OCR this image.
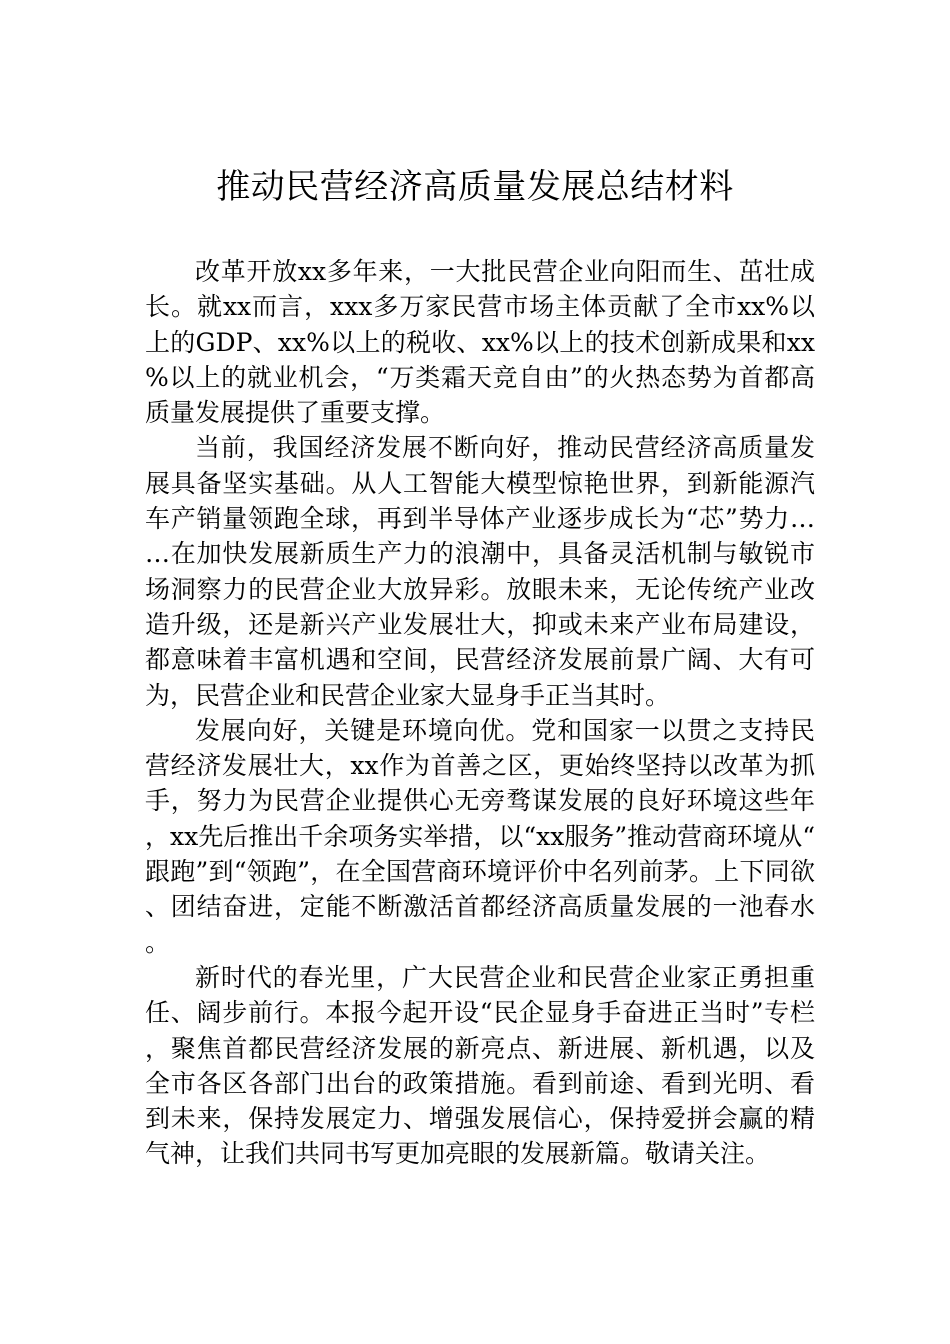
推动民营经济高质量发展总结材料

改革开放xx多年来，一大批民营企业向阳而生、茁壮成长。就xx而言，xxx多万家民营市场主体贡献了全市xx%以上的GDP、xx%以上的税收、xx%以上的技术创新成果和xx%以上的就业机会，“万类霜天竞自由”的火热态势为首都高质量发展提供了重要支撑。

当前，我国经济发展不断向好，推动民营经济高质量发展具备坚实基础。从人工智能大模型惊艳世界，到新能源汽车产销量领跑全球，再到半导体产业逐步成长为“芯”势力……在加快发展新质生产力的浪潮中，具备灵活机制与敏锐市场洞察力的民营企业大放异彩。放眼未来，无论传统产业改造升级，还是新兴产业发展壮大，抑或未来产业布局建设，都意味着丰富机遇和空间，民营经济发展前景广阔、大有可为，民营企业和民营企业家大显身手正当其时。

发展向好，关键是环境向优。党和国家一以贯之支持民营经济发展壮大，xx作为首善之区，更始终坚持以改革为抓手，努力为民营企业提供心无旁骛谋发展的良好环境这些年，xx先后推出千余项务实举措，以“xx服务”推动营商环境从“跟跑”到“领跑”，在全国营商环境评价中名列前茅。上下同欲、团结奋进，定能不断激活首都经济高质量发展的一池春水。

新时代的春光里，广大民营企业和民营企业家正勇担重任、阔步前行。本报今起开设“民企显身手奋进正当时”专栏，聚焦首都民营经济发展的新亮点、新进展、新机遇，以及全市各区各部门出台的政策措施。看到前途、看到光明、看到未来，保持发展定力、增强发展信心，保持爱拼会赢的精气神，让我们共同书写更加亮眼的发展新篇。敬请关注。
